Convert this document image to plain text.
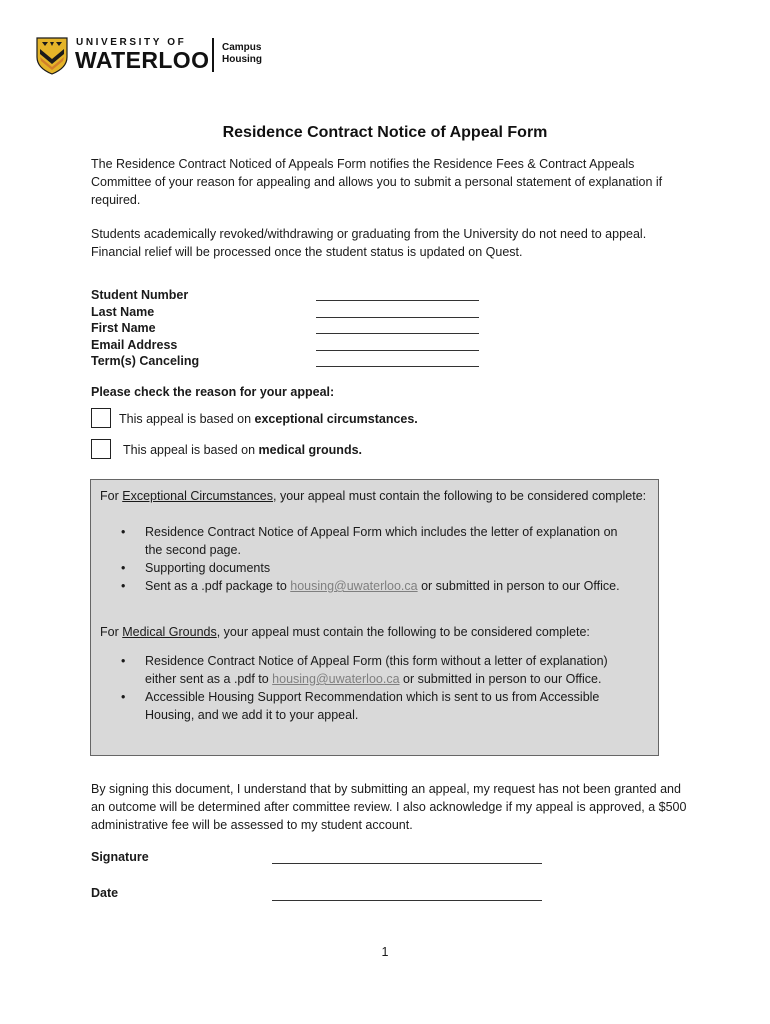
UNIVERSITY OF
WATERLOO Campus
Housing
Residence Contract Notice of Appeal Form
The Residence Contract Noticed of Appeals Form notifies the Residence Fees & Contract Appeals Committee of your reason for appealing and allows you to submit a personal statement of explanation if required.
Students academically revoked/withdrawing or graduating from the University do not need to appeal. Financial relief will be processed once the student status is updated on Quest.
Student Number
Last Name
First Name
Email Address
Term(s) Canceling
Please check the reason for your appeal:
This appeal is based on exceptional circumstances.
This appeal is based on medical grounds.
For Exceptional Circumstances, your appeal must contain the following to be considered complete:
• Residence Contract Notice of Appeal Form which includes the letter of explanation on the second page.
• Supporting documents
• Sent as a .pdf package to housing@uwaterloo.ca or submitted in person to our Office.
For Medical Grounds, your appeal must contain the following to be considered complete:
• Residence Contract Notice of Appeal Form (this form without a letter of explanation) either sent as a .pdf to housing@uwaterloo.ca or submitted in person to our Office.
• Accessible Housing Support Recommendation which is sent to us from Accessible Housing, and we add it to your appeal.
By signing this document, I understand that by submitting an appeal, my request has not been granted and an outcome will be determined after committee review. I also acknowledge if my appeal is approved, a $500 administrative fee will be assessed to my student account.
Signature
Date
1
